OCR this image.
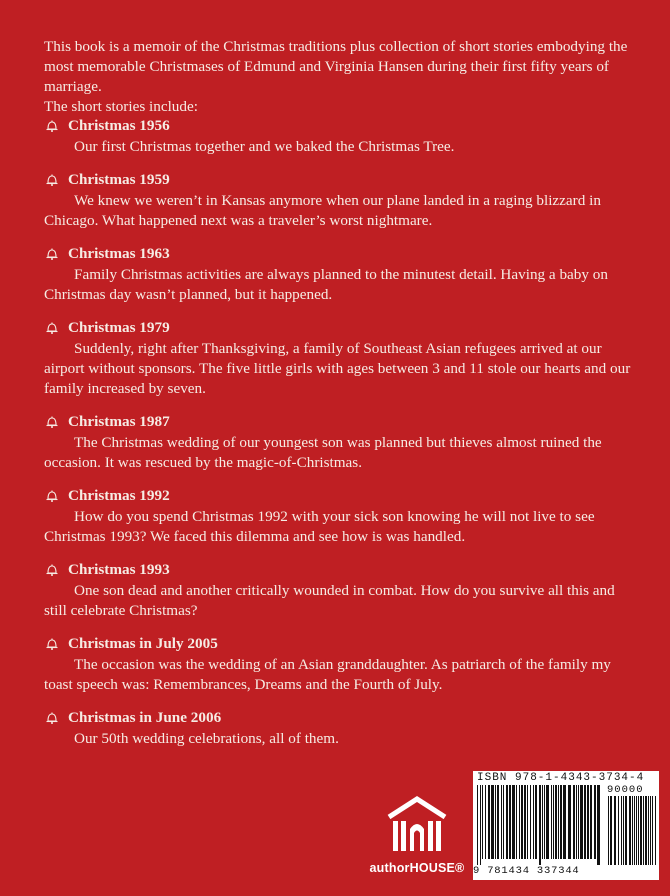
This book is a memoir of the Christmas traditions plus collection of short stories embodying the most memorable Christmases of Edmund and Virginia Hansen during their first fifty years of marriage.
The short stories include:
Christmas 1956
Our first Christmas together and we baked the Christmas Tree.
Christmas 1959
We knew we weren’t in Kansas anymore when our plane landed in a raging blizzard in Chicago. What happened next was a traveler’s worst nightmare.
Christmas 1963
Family Christmas activities are always planned to the minutest detail. Having a baby on Christmas day wasn’t planned, but it happened.
Christmas 1979
Suddenly, right after Thanksgiving, a family of Southeast Asian refugees arrived at our airport without sponsors. The five little girls with ages between 3 and 11 stole our hearts and our family increased by seven.
Christmas 1987
The Christmas wedding of our youngest son was planned but thieves almost ruined the occasion. It was rescued by the magic-of-Christmas.
Christmas 1992
How do you spend Christmas 1992 with your sick son knowing he will not live to see Christmas 1993? We faced this dilemma and see how is was handled.
Christmas 1993
One son dead and another critically wounded in combat. How do you survive all this and still celebrate Christmas?
Christmas in July 2005
The occasion was the wedding of an Asian granddaughter. As patriarch of the family my toast speech was: Remembrances, Dreams and the Fourth of July.
Christmas in June 2006
Our 50th wedding celebrations, all of them.
authorHOUSE®
ISBN 978-1-4343-3734-4
90000
9 781434 337344
